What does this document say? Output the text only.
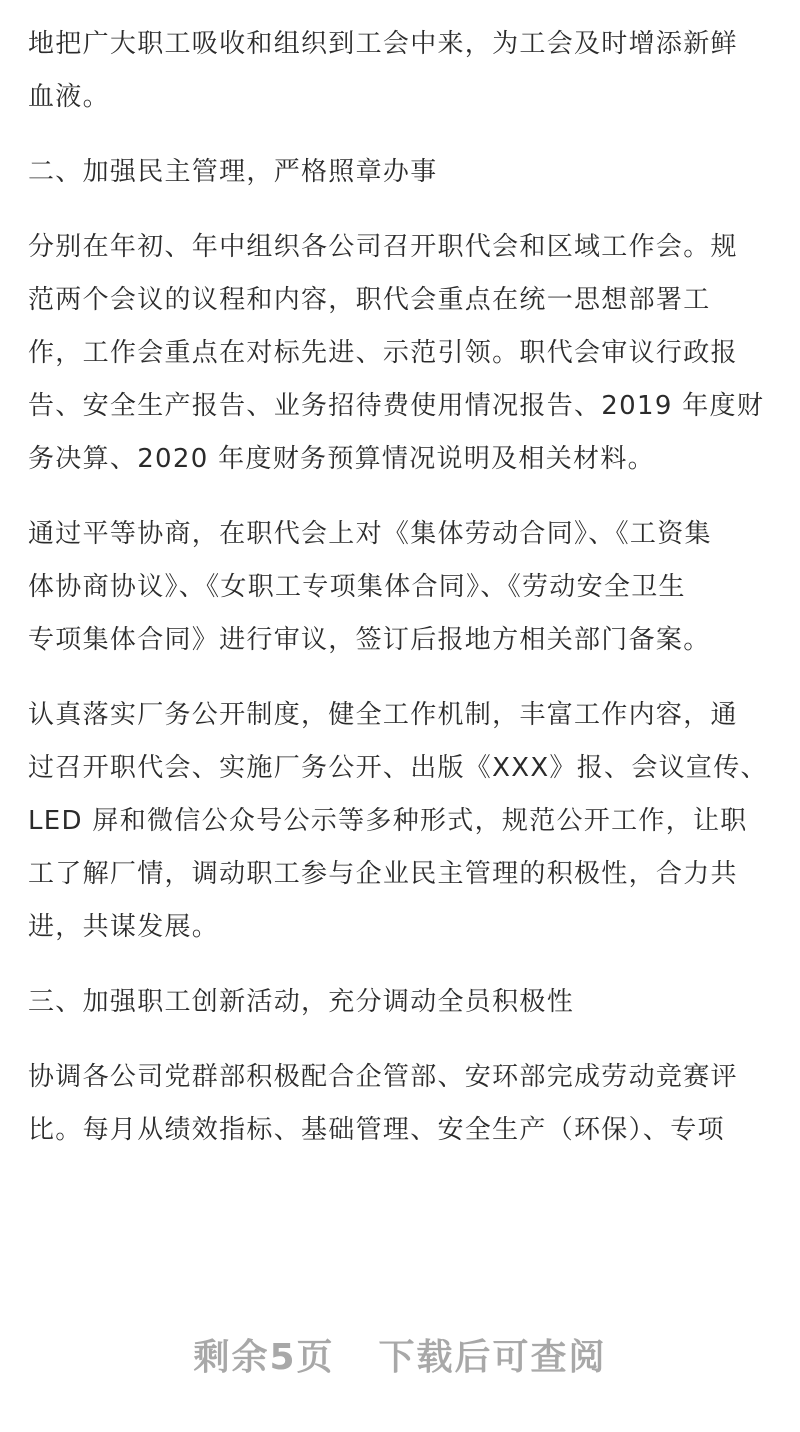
地把广大职工吸收和组织到工会中来，为工会及时增添新鲜
血液。
二、加强民主管理，严格照章办事
分别在年初、年中组织各公司召开职代会和区域工作会。规
范两个会议的议程和内容，职代会重点在统一思想部署工
作，工作会重点在对标先进、示范引领。职代会审议行政报
告、安全生产报告、业务招待费使用情况报告、2019 年度财
务决算、2020 年度财务预算情况说明及相关材料。
通过平等协商，在职代会上对《集体劳动合同》、《工资集
体协商协议》、《女职工专项集体合同》、《劳动安全卫生
专项集体合同》进行审议，签订后报地方相关部门备案。
认真落实厂务公开制度，健全工作机制，丰富工作内容，通
过召开职代会、实施厂务公开、出版《XXX》报、会议宣传、
LED 屏和微信公众号公示等多种形式，规范公开工作，让职
工了解厂情，调动职工参与企业民主管理的积极性，合力共
进，共谋发展。
三、加强职工创新活动，充分调动全员积极性
协调各公司党群部积极配合企管部、安环部完成劳动竞赛评
比。每月从绩效指标、基础管理、安全生产（环保）、专项
剩余5页 下载后可查阅
